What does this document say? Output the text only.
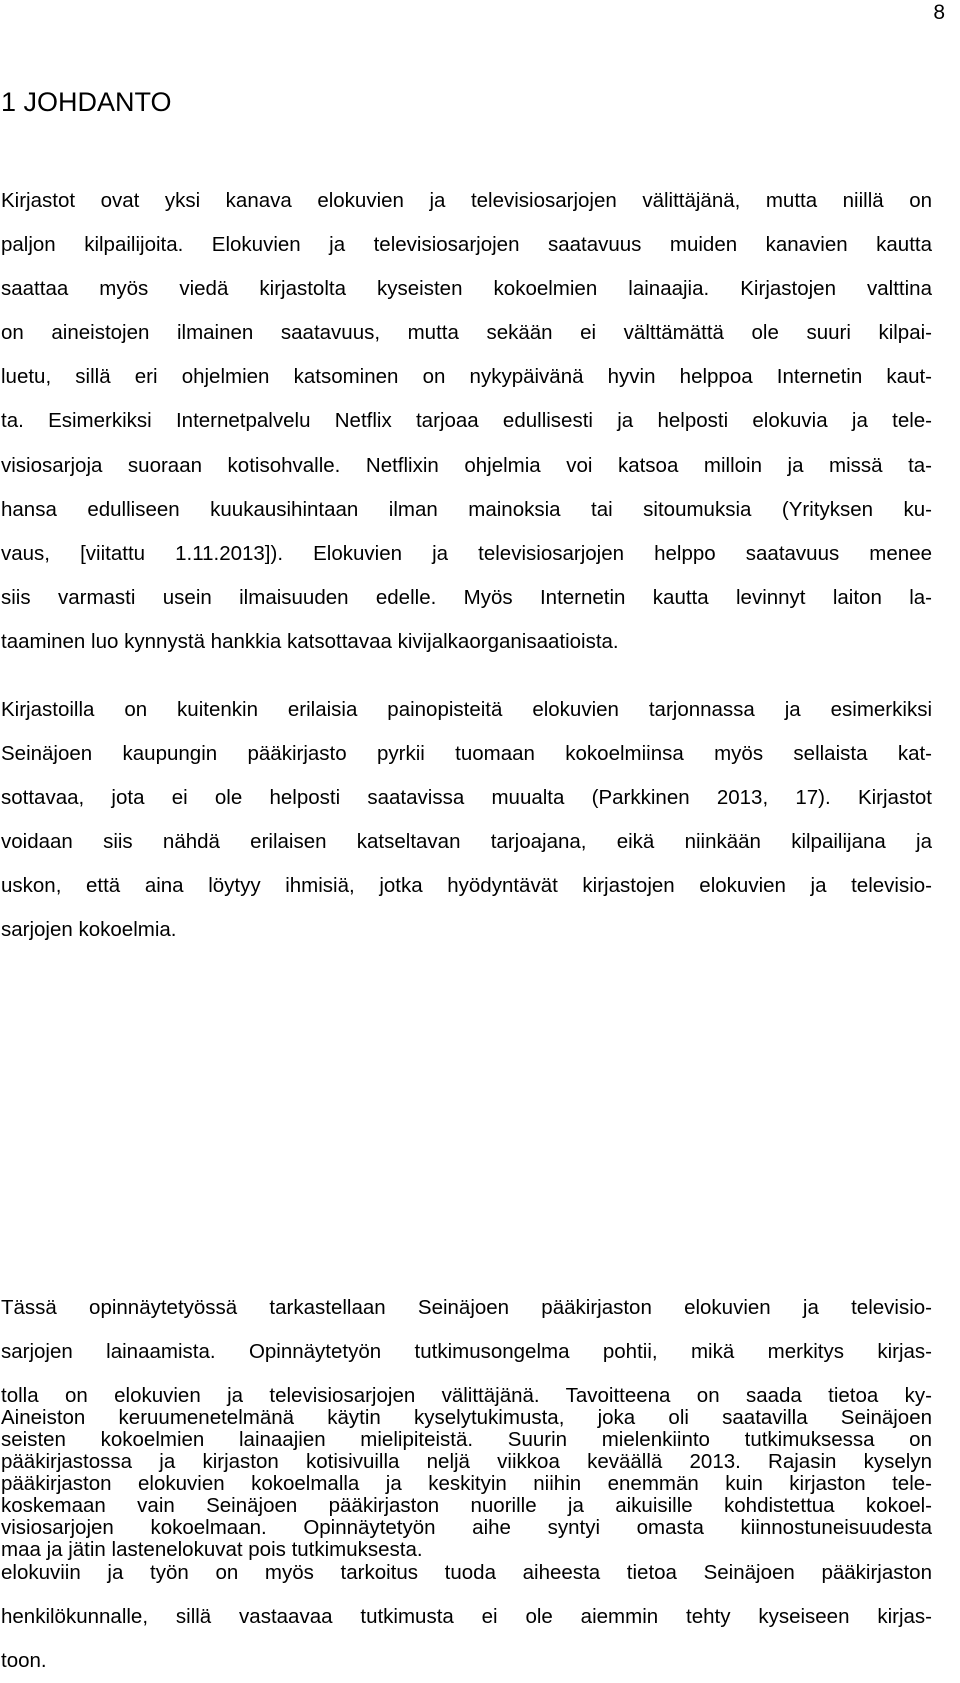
8
1 JOHDANTO
Kirjastot ovat yksi kanava elokuvien ja televisiosarjojen välittäjänä, mutta niillä on
paljon kilpailijoita. Elokuvien ja televisiosarjojen saatavuus muiden kanavien kautta
saattaa myös viedä kirjastolta kyseisten kokoelmien lainaajia. Kirjastojen valttina
on aineistojen ilmainen saatavuus, mutta sekään ei välttämättä ole suuri kilpai-
luetu, sillä eri ohjelmien katsominen on nykypäivänä hyvin helppoa Internetin kaut-
ta. Esimerkiksi Internetpalvelu Netflix tarjoaa edullisesti ja helposti elokuvia ja tele-
visiosarjoja suoraan kotisohvalle. Netflixin ohjelmia voi katsoa milloin ja missä ta-
hansa edulliseen kuukausihintaan ilman mainoksia tai sitoumuksia (Yrityksen ku-
vaus, [viitattu 1.11.2013]). Elokuvien ja televisiosarjojen helppo saatavuus menee
siis varmasti usein ilmaisuuden edelle. Myös Internetin kautta levinnyt laiton la-
taaminen luo kynnystä hankkia katsottavaa kivijalkaorganisaatioista.
Kirjastoilla on kuitenkin erilaisia painopisteitä elokuvien tarjonnassa ja esimerkiksi
Seinäjoen kaupungin pääkirjasto pyrkii tuomaan kokoelmiinsa myös sellaista kat-
sottavaa, jota ei ole helposti saatavissa muualta (Parkkinen 2013, 17). Kirjastot
voidaan siis nähdä erilaisen katseltavan tarjoajana, eikä niinkään kilpailijana ja
uskon, että aina löytyy ihmisiä, jotka hyödyntävät kirjastojen elokuvien ja televisio-
sarjojen kokoelmia.
Tässä opinnäytetyössä tarkastellaan Seinäjoen pääkirjaston elokuvien ja televisio-
sarjojen lainaamista. Opinnäytetyön tutkimusongelma pohtii, mikä merkitys kirjas-
tolla on elokuvien ja televisiosarjojen välittäjänä. Tavoitteena on saada tietoa ky-
seisten kokoelmien lainaajien mielipiteistä. Suurin mielenkiinto tutkimuksessa on
pääkirjaston elokuvien kokoelmalla ja keskityin niihin enemmän kuin kirjaston tele-
visiosarjojen kokoelmaan. Opinnäytetyön aihe syntyi omasta kiinnostuneisuudesta
elokuviin ja työn on myös tarkoitus tuoda aiheesta tietoa Seinäjoen pääkirjaston
henkilökunnalle, sillä vastaavaa tutkimusta ei ole aiemmin tehty kyseiseen kirjas-
toon.
Aineiston keruumenetelmänä käytin kyselytukimusta, joka oli saatavilla Seinäjoen
pääkirjastossa ja kirjaston kotisivuilla neljä viikkoa keväällä 2013. Rajasin kyselyn
koskemaan vain Seinäjoen pääkirjaston nuorille ja aikuisille kohdistettua kokoel-
maa ja jätin lastenelokuvat pois tutkimuksesta.
